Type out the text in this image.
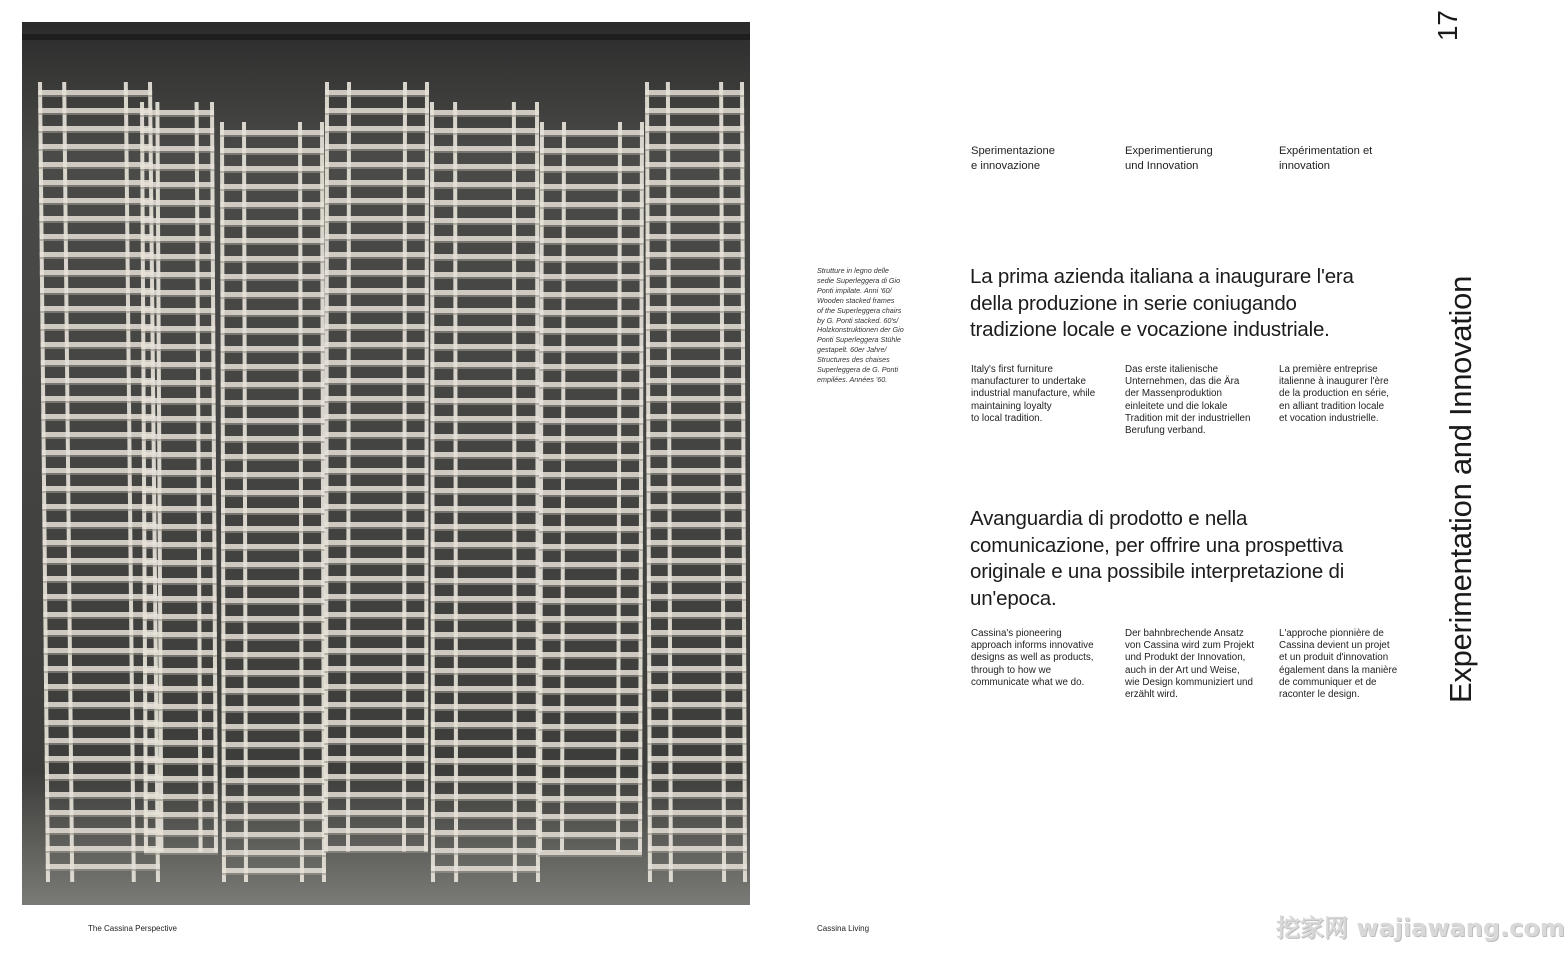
The Cassina Perspective
Strutture in legno delle
sedie Superleggera di Gio
Ponti impilate. Anni '60/
Wooden stacked frames
of the Superleggera chairs
by G. Ponti stacked. 60's/
Holzkonstruktionen der Gio
Ponti Superleggera Stühle
gestapelt. 60er Jahre/
Structures des chaises
Superleggera de G. Ponti
empilées. Années '60.
Sperimentazione
e innovazione
Experimentierung
und Innovation
Expérimentation et
innovation
La prima azienda italiana a inaugurare l'era
della produzione in serie coniugando
tradizione locale e vocazione industriale.
Italy's first furniture
manufacturer to undertake
industrial manufacture, while
maintaining loyalty
to local tradition.
Das erste italienische
Unternehmen, das die Ära
der Massenproduktion
einleitete und die lokale
Tradition mit der industriellen
Berufung verband.
La première entreprise
italienne à inaugurer l'ère
de la production en série,
en alliant tradition locale
et vocation industrielle.
Avanguardia di prodotto e nella
comunicazione, per offrire una prospettiva
originale e una possibile interpretazione di
un'epoca.
Cassina's pioneering
approach informs innovative
designs as well as products,
through to how we
communicate what we do.
Der bahnbrechende Ansatz
von Cassina wird zum Projekt
und Produkt der Innovation,
auch in der Art und Weise,
wie Design kommuniziert und
erzählt wird.
L'approche pionnière de
Cassina devient un projet
et un produit d'innovation
également dans la manière
de communiquer et de
raconter le design.
17
Experimentation and Innovation
Cassina Living	挖家网 wajiawang.com
